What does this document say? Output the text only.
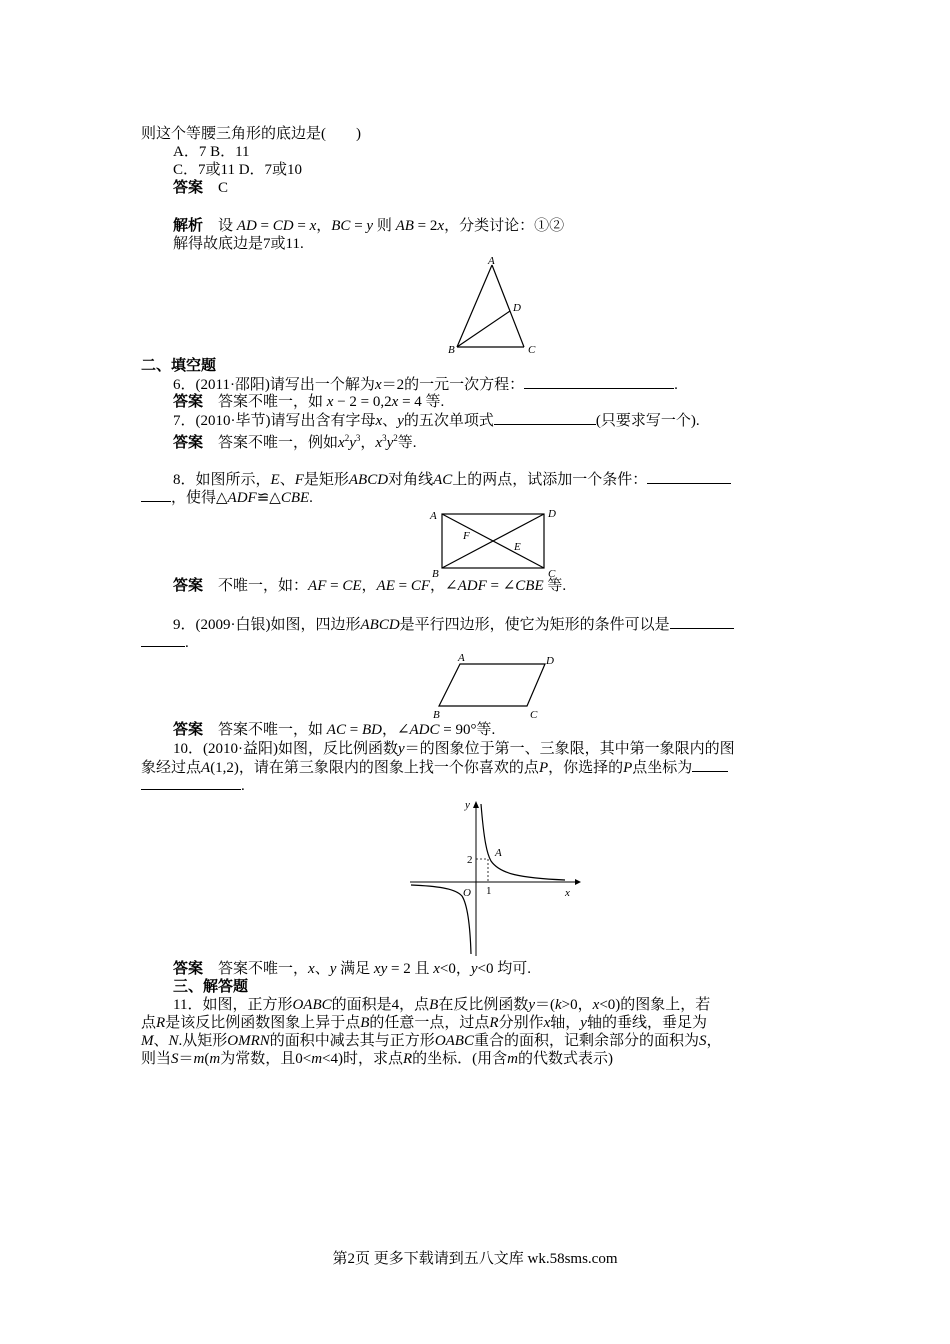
则这个等腰三角形的底边是(　　)
A．7 B．11
C．7或11 D．7或10
答案　 C
解析　 设 AD = CD = x，BC = y 则 AB = 2x，分类讨论：①②
解得故底边是7或11.
A
D
B	C
二、填空题
6．(2011·邵阳)请写出一个解为x＝2的一元一次方程：	.
答案　 答案不唯一，如 x − 2 = 0,2x = 4 等.
7．(2010·毕节)请写出含有字母x、y的五次单项式	(只要求写一个).
答案　 答案不唯一，例如$x^2y^3$，$x^3y^2$等.
8．如图所示，E、F是矩形ABCD对角线AC上的两点，试添加一个条件：
，使得△ADF≌△CBE.
A	D
B	C
F
E
答案　 不唯一，如：AF = CE，AE = CF，∠ADF = ∠CBE 等.
9．(2009·白银)如图，四边形ABCD是平行四边形，使它为矩形的条件可以是
.
A	D
B	C
答案　 答案不唯一，如 AC = BD，∠ADC = 90°等.
10．(2010·益阳)如图，反比例函数y＝的图象位于第一、三象限，其中第一象限内的图
象经过点A(1,2)，请在第三象限内的图象上找一个你喜欢的点P，你选择的P点坐标为
.
y
x
O 1
2
A
答案　 答案不唯一，x、y 满足 xy = 2 且 x<0，y<0 均可.
三、解答题
11．如图，正方形OABC的面积是4，点B在反比例函数y＝(k>0，x<0)的图象上，若
点R是该反比例函数图象上异于点B的任意一点，过点R分别作x轴，y轴的垂线，垂足为
M、N.从矩形OMRN的面积中减去其与正方形OABC重合的面积，记剩余部分的面积为S，
则当S＝m(m为常数，且0<m<4)时，求点R的坐标．(用含m的代数式表示)
第2页 更多下载请到五八文库 wk.58sms.com
